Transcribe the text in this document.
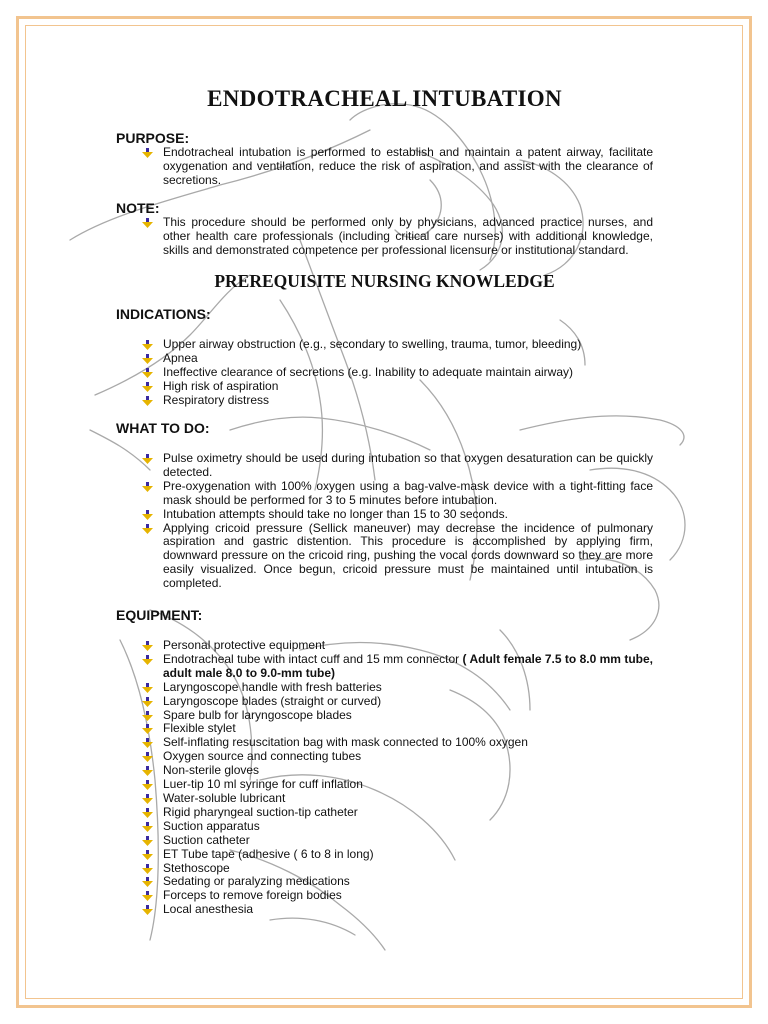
ENDOTRACHEAL INTUBATION
PURPOSE:
Endotracheal intubation is performed to establish and maintain a patent airway, facilitate oxygenation and ventilation, reduce the risk of aspiration, and assist with the clearance of secretions.
NOTE:
This procedure should be performed only by physicians, advanced practice nurses, and other health care professionals (including critical care nurses) with additional knowledge, skills and demonstrated competence per professional licensure or institutional standard.
PREREQUISITE NURSING KNOWLEDGE
INDICATIONS:
Upper airway obstruction (e.g., secondary to swelling, trauma, tumor, bleeding)
Apnea
Ineffective clearance of secretions (e.g. Inability to adequate maintain airway)
High risk of aspiration
Respiratory distress
WHAT TO DO:
Pulse oximetry should be used during intubation so that oxygen desaturation can be quickly detected.
Pre-oxygenation with 100% oxygen using a bag-valve-mask device with a tight-fitting face mask should be performed for 3 to 5 minutes before intubation.
Intubation attempts should take no longer than 15 to 30 seconds.
Applying cricoid pressure (Sellick maneuver) may decrease the incidence of pulmonary aspiration and gastric distention. This procedure is accomplished by applying firm, downward pressure on the cricoid ring, pushing the vocal cords downward so they are more easily visualized. Once begun, cricoid pressure must be maintained until intubation is completed.
EQUIPMENT:
Personal protective equipment
Endotracheal tube with intact cuff and 15 mm connector ( Adult female 7.5 to 8.0 mm tube, adult male 8.0 to 9.0-mm tube)
Laryngoscope handle with fresh batteries
Laryngoscope blades (straight or curved)
Spare bulb for laryngoscope blades
Flexible stylet
Self-inflating resuscitation bag with mask connected to 100% oxygen
Oxygen source and connecting tubes
Non-sterile gloves
Luer-tip 10 ml syringe for cuff inflation
Water-soluble lubricant
Rigid pharyngeal suction-tip catheter
Suction apparatus
Suction catheter
ET Tube tape (adhesive ( 6 to 8 in long)
Stethoscope
Sedating or paralyzing medications
Forceps to remove foreign bodies
Local anesthesia
